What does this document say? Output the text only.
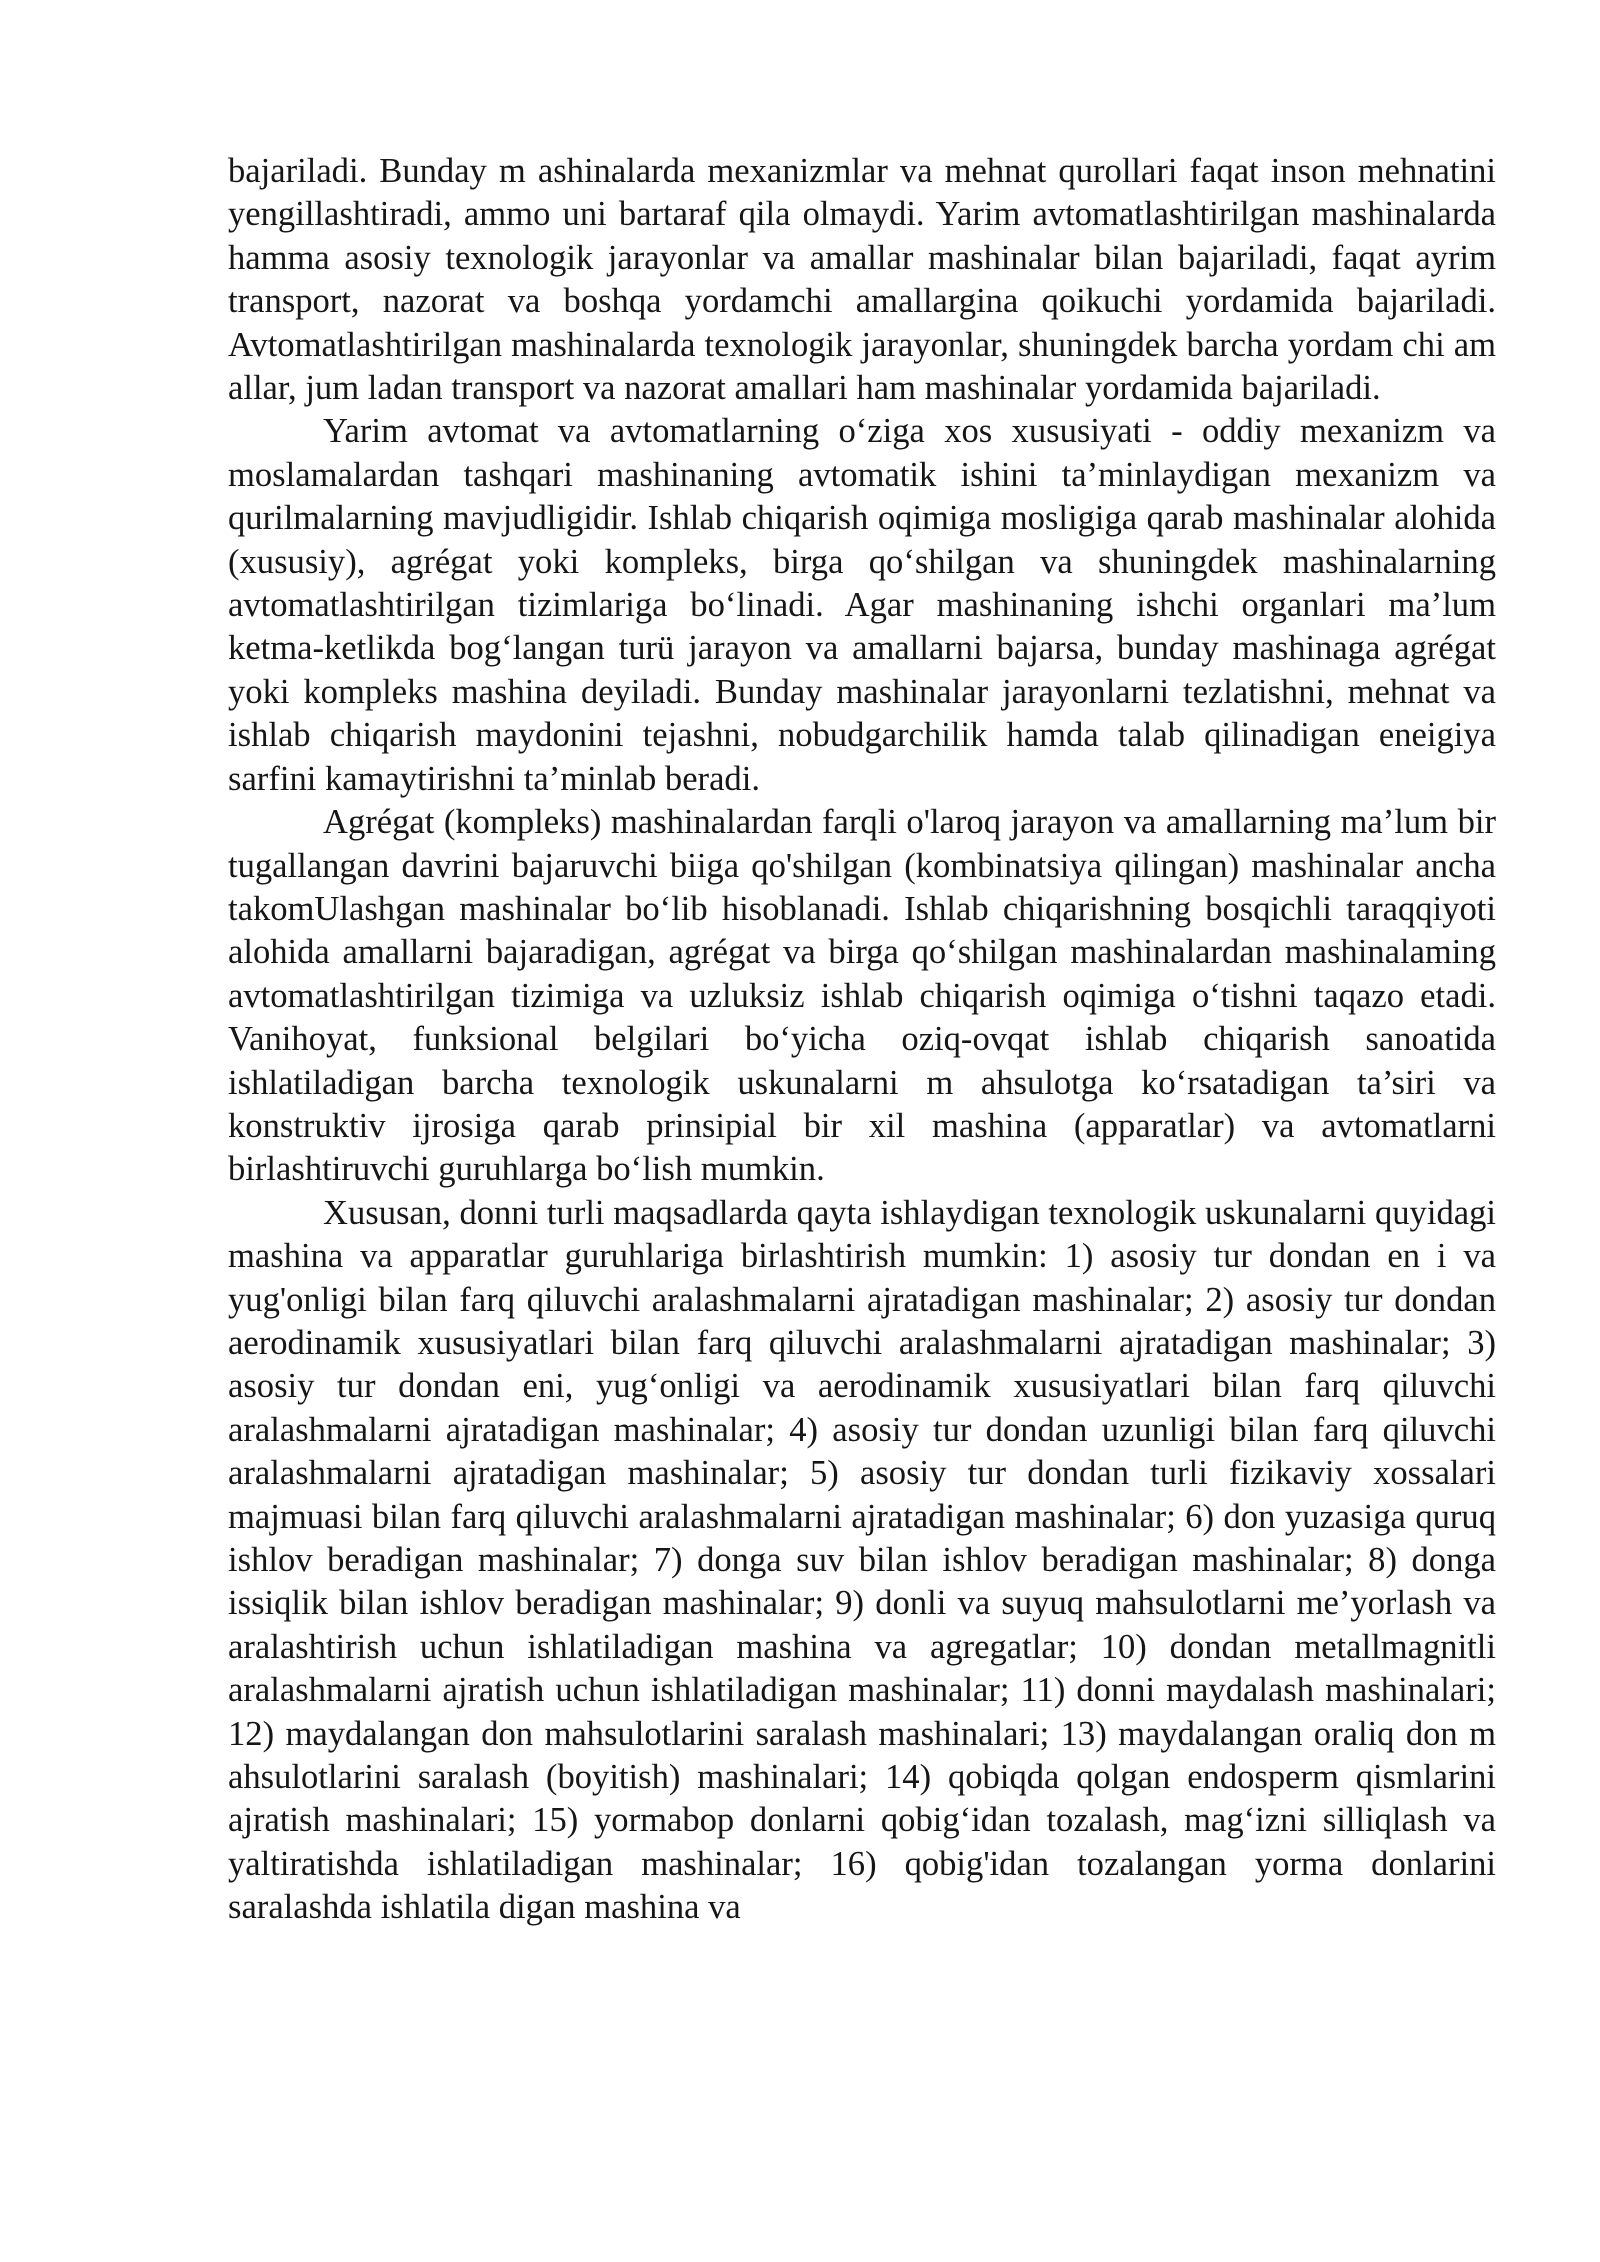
bajariladi. Bunday m ashinalarda mexanizmlar va mehnat qurollari faqat inson mehnatini yengillashtiradi, ammo uni bartaraf qila olmaydi. Yarim avtomatlashtirilgan mashinalarda hamma asosiy texnologik jarayonlar va amallar mashinalar bilan bajariladi, faqat ayrim transport, nazorat va boshqa yordamchi amallargina qoikuchi yordamida bajariladi. Avtomatlashtirilgan mashinalarda texnologik jarayonlar, shuningdek barcha yordam chi am allar, jum ladan transport va nazorat amallari ham mashinalar yordamida bajariladi.

Yarim avtomat va avtomatlarning o‘ziga xos xususiyati - oddiy mexanizm va moslamalardan tashqari mashinaning avtomatik ishini ta’minlaydigan mexanizm va qurilmalarning mavjudligidir. Ishlab chiqarish oqimiga mosligiga qarab mashinalar alohida (xususiy), agrégat yoki kompleks, birga qo‘shilgan va shuningdek mashinalarning avtomatlashtirilgan tizimlariga bo‘linadi. Agar mashinaning ishchi organlari ma’lum ketma-ketlikda bog‘langan turü jarayon va amallarni bajarsa, bunday mashinaga agrégat yoki kompleks mashina deyiladi. Bunday mashinalar jarayonlarni tezlatishni, mehnat va ishlab chiqarish maydonini tejashni, nobudgarchilik hamda talab qilinadigan eneigiya sarfini kamaytirishni ta’minlab beradi.

Agrégat (kompleks) mashinalardan farqli o'laroq jarayon va amallarning ma’lum bir tugallangan davrini bajaruvchi biiga qo'shilgan (kombinatsiya qilingan) mashinalar ancha takomUlashgan mashinalar bo‘lib hisoblanadi. Ishlab chiqarishning bosqichli taraqqiyoti alohida amallarni bajaradigan, agrégat va birga qo‘shilgan mashinalardan mashinalaming avtomatlashtirilgan tizimiga va uzluksiz ishlab chiqarish oqimiga o‘tishni taqazo etadi. Vanihoyat, funksional belgilari bo‘yicha oziq-ovqat ishlab chiqarish sanoatida ishlatiladigan barcha texnologik uskunalarni m ahsulotga ko‘rsatadigan ta’siri va konstruktiv ijrosiga qarab prinsipial bir xil mashina (apparatlar) va avtomatlarni birlashtiruvchi guruhlarga bo‘lish mumkin.

Xususan, donni turli maqsadlarda qayta ishlaydigan texnologik uskunalarni quyidagi mashina va apparatlar guruhlariga birlashtirish mumkin: 1) asosiy tur dondan en i va yug'onligi bilan farq qiluvchi aralashmalarni ajratadigan mashinalar; 2) asosiy tur dondan aerodinamik xususiyatlari bilan farq qiluvchi aralashmalarni ajratadigan mashinalar; 3) asosiy tur dondan eni, yug‘onligi va aerodinamik xususiyatlari bilan farq qiluvchi aralashmalarni ajratadigan mashinalar; 4) asosiy tur dondan uzunligi bilan farq qiluvchi aralashmalarni ajratadigan mashinalar; 5) asosiy tur dondan turli fizikaviy xossalari majmuasi bilan farq qiluvchi aralashmalarni ajratadigan mashinalar; 6) don yuzasiga quruq ishlov beradigan mashinalar; 7) donga suv bilan ishlov beradigan mashinalar; 8) donga issiqlik bilan ishlov beradigan mashinalar; 9) donli va suyuq mahsulotlarni me’yorlash va aralashtirish uchun ishlatiladigan mashina va agregatlar; 10) dondan metallmagnitli aralashmalarni ajratish uchun ishlatiladigan mashinalar; 11) donni maydalash mashinalari; 12) maydalangan don mahsulotlarini saralash mashinalari; 13) maydalangan oraliq don m ahsulotlarini saralash (boyitish) mashinalari; 14) qobiqda qolgan endosperm qismlarini ajratish mashinalari; 15) yormabop donlarni qobig‘idan tozalash, mag‘izni silliqlash va yaltiratishda ishlatiladigan mashinalar; 16) qobig'idan tozalangan yorma donlarini saralashda ishlatila digan mashina va
